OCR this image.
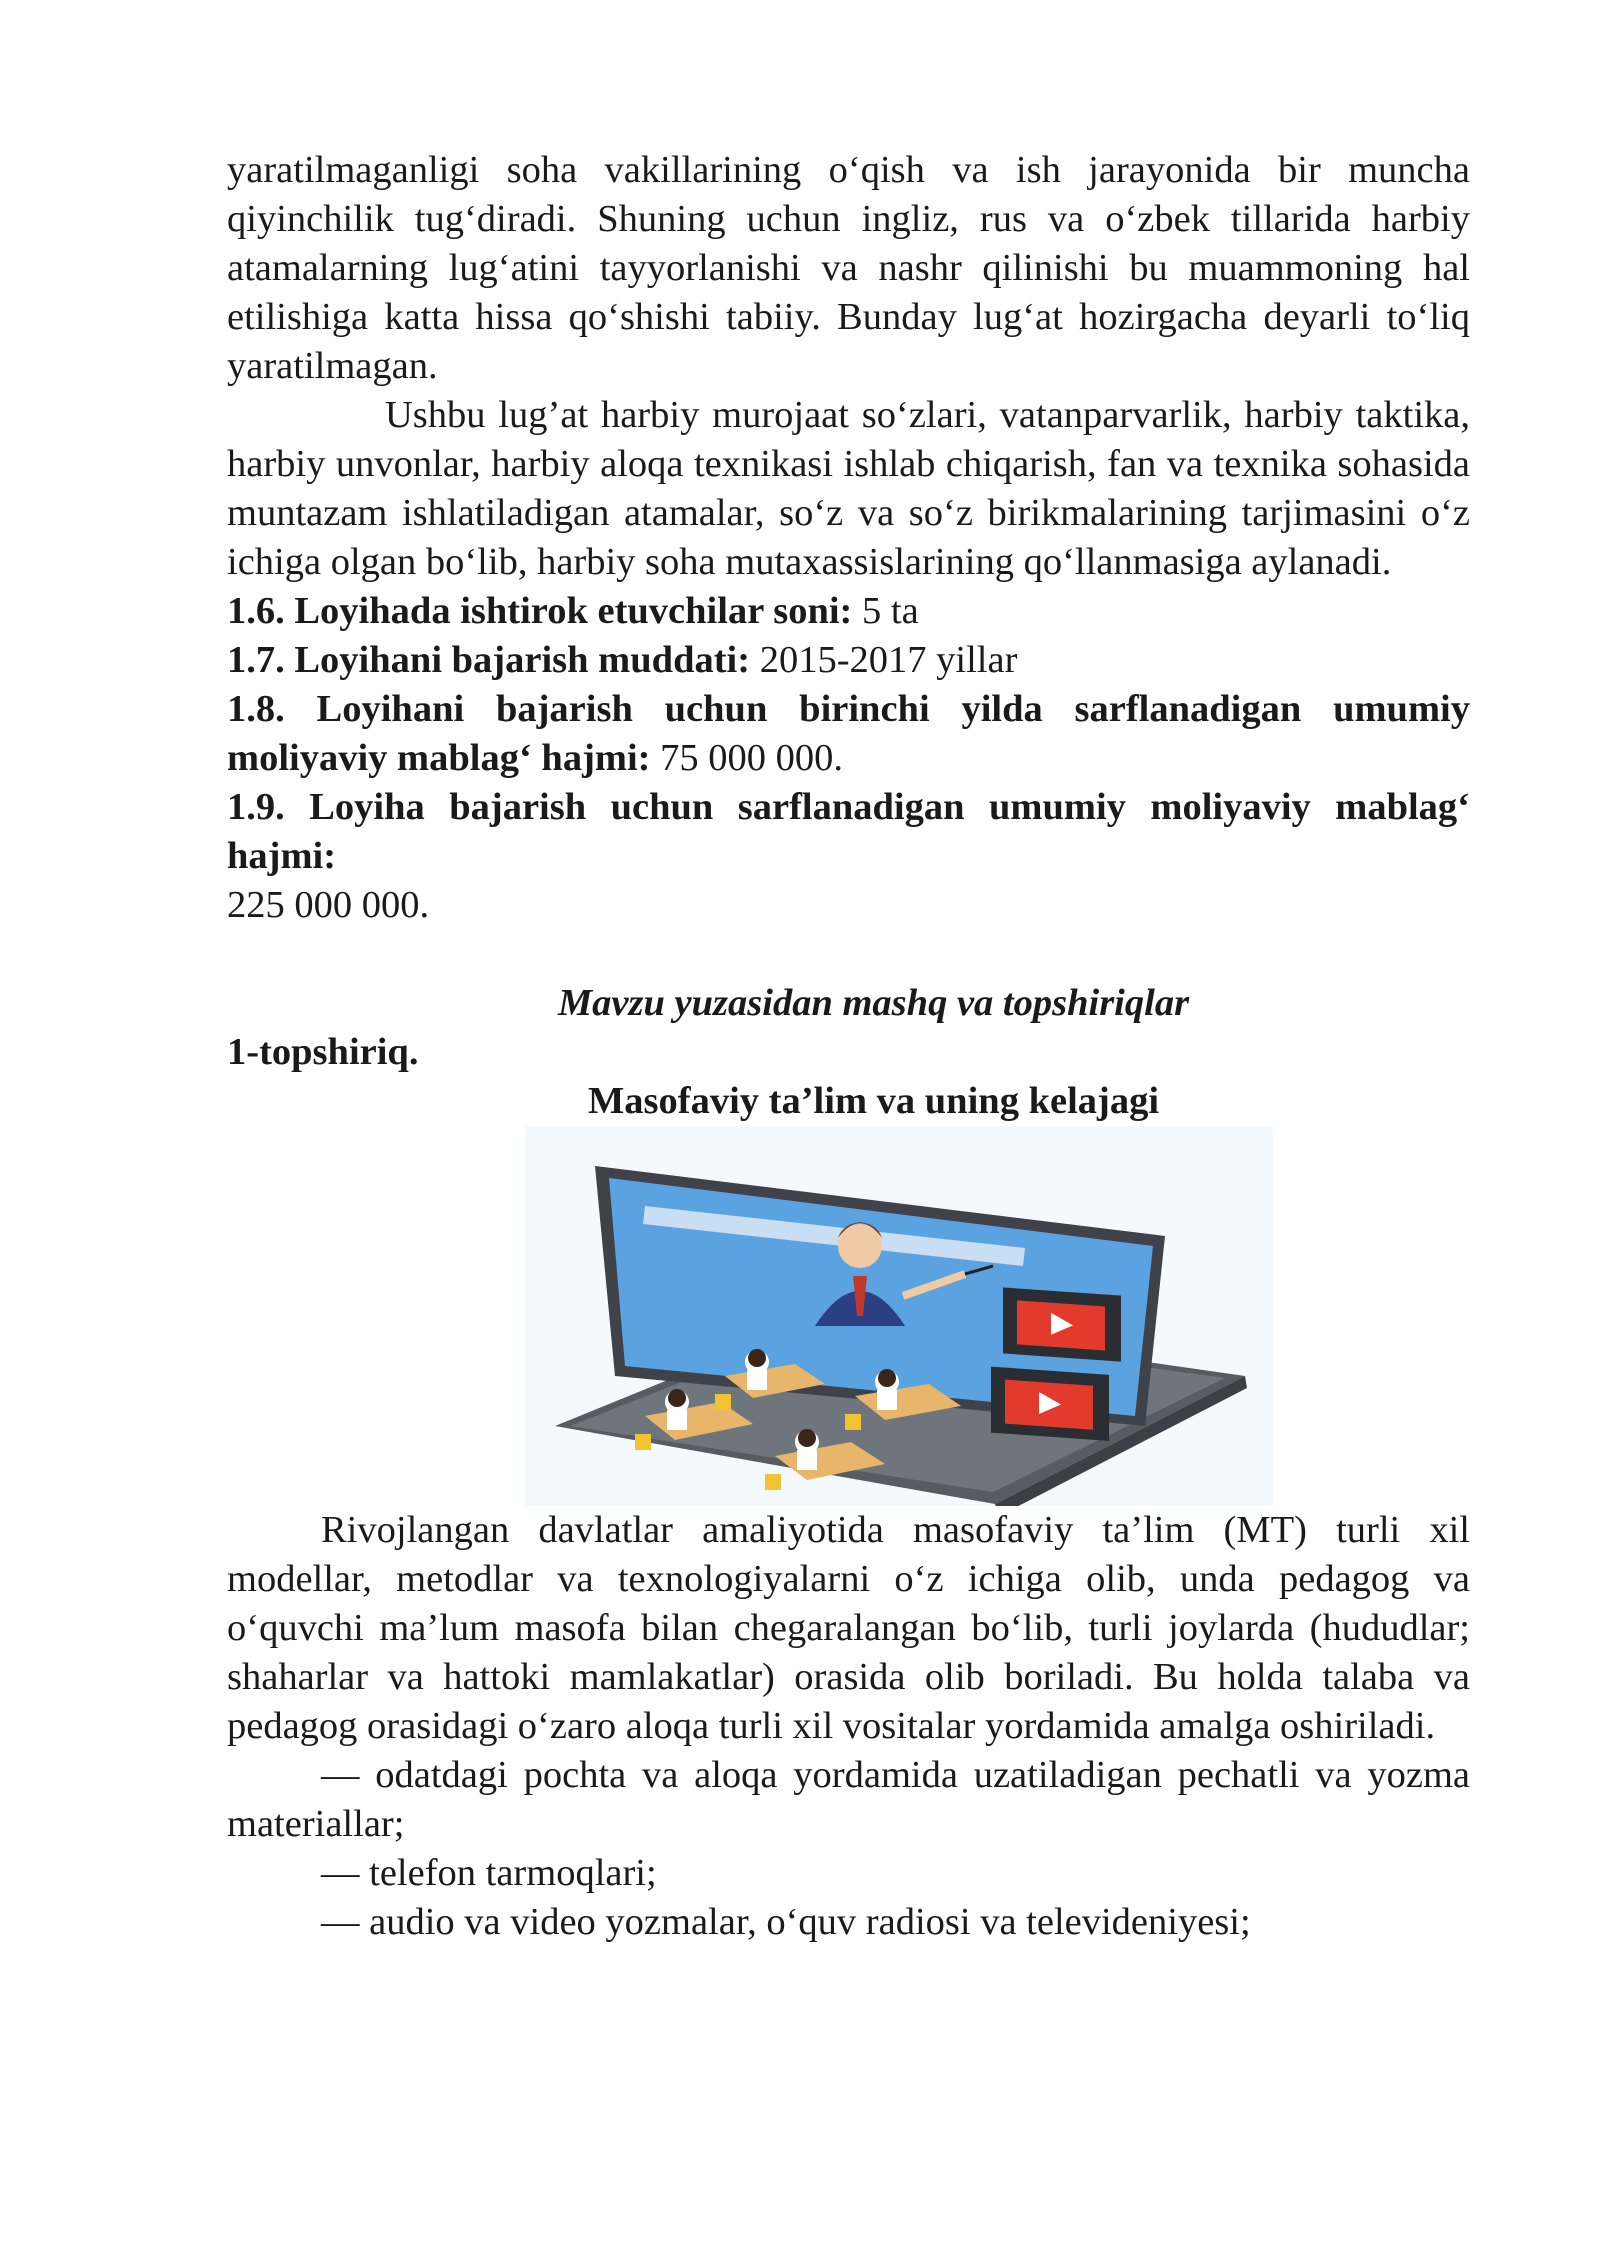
yaratilmaganligi soha vakillarining o‘qish va ish jarayonida bir muncha qiyinchilik tug‘diradi. Shuning uchun ingliz, rus va o‘zbek tillarida harbiy atamalarning lug‘atini tayyorlanishi va nashr qilinishi bu muammoning hal etilishiga katta hissa qo‘shishi tabiiy. Bunday lug‘at hozirgacha deyarli to‘liq yaratilmagan.

Ushbu lug’at harbiy murojaat so‘zlari, vatanparvarlik, harbiy taktika, harbiy unvonlar, harbiy aloqa texnikasi ishlab chiqarish, fan va texnika sohasida muntazam ishlatiladigan atamalar, so‘z va so‘z birikmalarining tarjimasini o‘z ichiga olgan bo‘lib, harbiy soha mutaxassislarining qo‘llanmasiga aylanadi.

1.6. Loyihada ishtirok etuvchilar soni: 5 ta

1.7. Loyihani bajarish muddati: 2015-2017 yillar

1.8. Loyihani bajarish uchun birinchi yilda sarflanadigan umumiy moliyaviy mablag‘ hajmi: 75 000 000.

1.9. Loyiha bajarish uchun sarflanadigan umumiy moliyaviy mablag‘ hajmi:

225 000 000.

Mavzu yuzasidan mashq va topshiriqlar

1-topshiriq.

Masofaviy ta’lim va uning kelajagi

Rivojlangan davlatlar amaliyotida masofaviy ta’lim (MT) turli xil modellar, metodlar va texnologiyalarni o‘z ichiga olib, unda pedagog va o‘quvchi ma’lum masofa bilan chegaralangan bo‘lib, turli joylarda (hududlar; shaharlar va hattoki mamlakatlar) orasida olib boriladi. Bu holda talaba va pedagog orasidagi o‘zaro aloqa turli xil vositalar yordamida amalga oshiriladi.

— odatdagi pochta va aloqa yordamida uzatiladigan pechatli va yozma materiallar;

— telefon tarmoqlari;

— audio va video yozmalar, o‘quv radiosi va televideniyesi;
